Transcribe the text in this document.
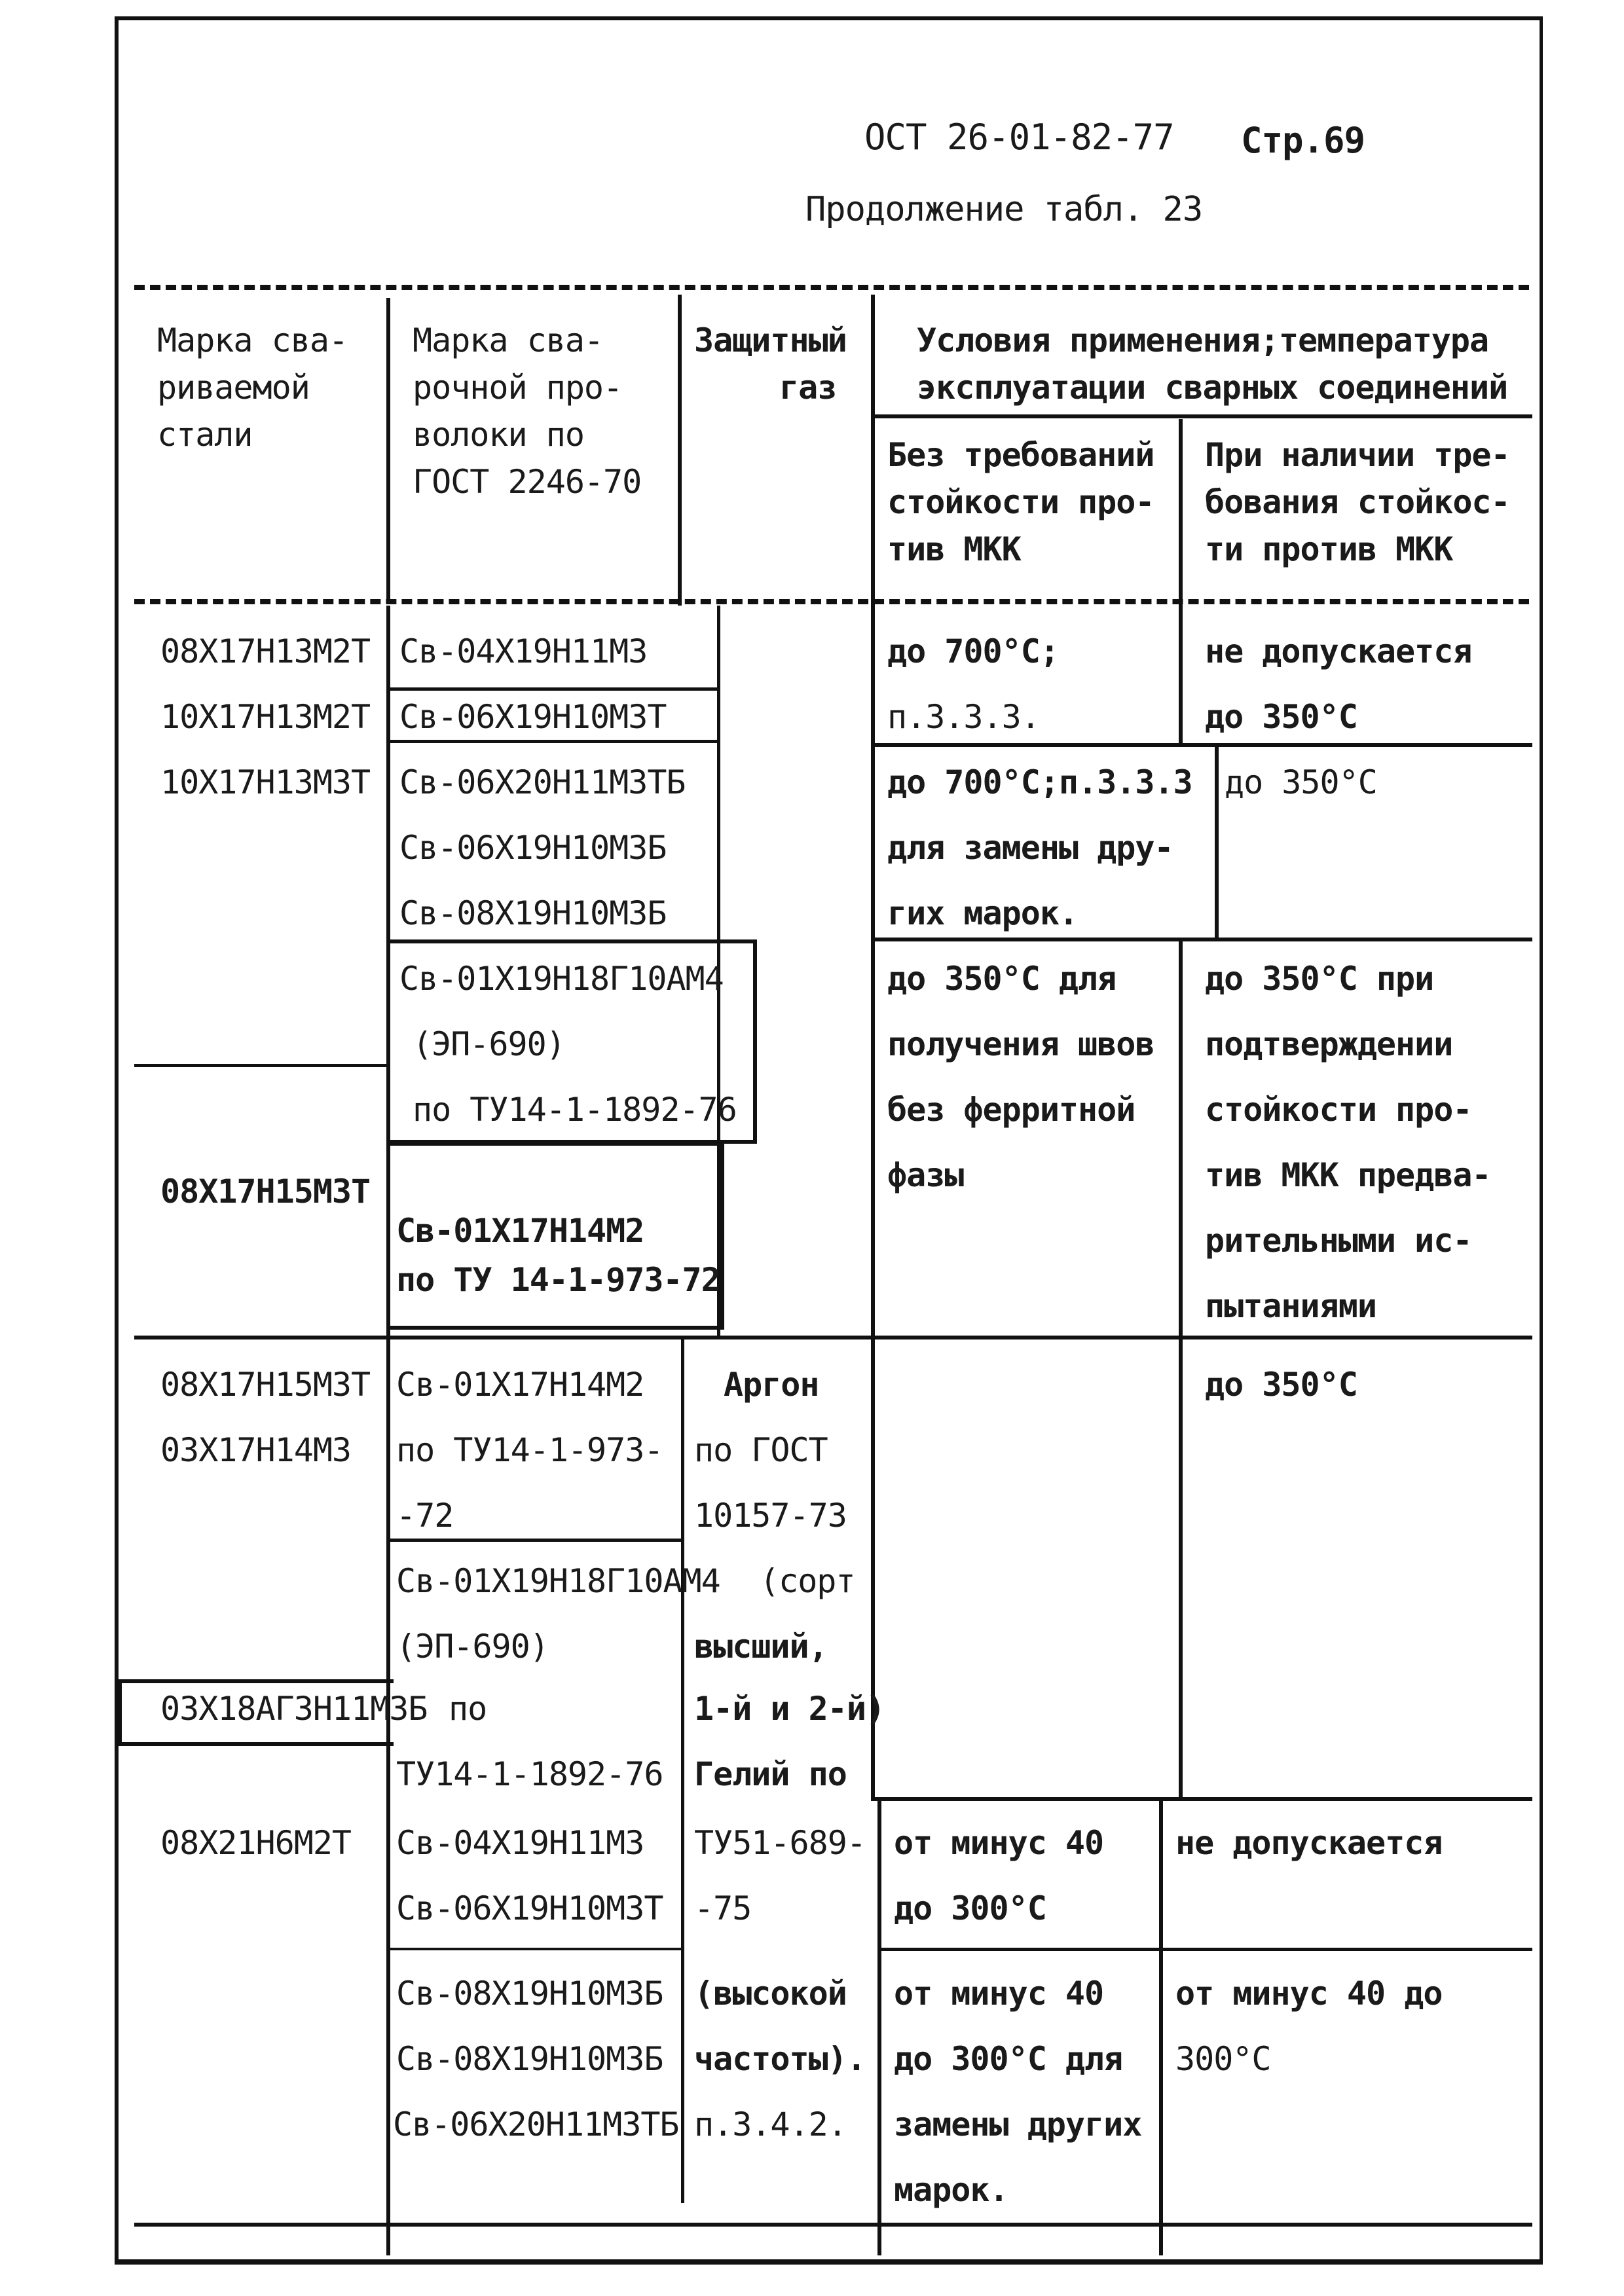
ОСТ 26-01-82-77 Стр.69
Продолжение табл. 23
Марка сва-
риваемой
стали
Марка сва-
рочной про-
волоки по
ГОСТ 2246-70
Защитный
газ
Условия применения;температура
эксплуатации сварных соединений
Без требований
стойкости про-
тив МКК
При наличии тре-
бования стойкос-
ти против МКК
08Х17Н13М2Т
10Х17Н13М2Т
10Х17Н13М3Т
08Х17Н15М3Т
Св-04Х19Н11М3
Св-06Х19Н10М3Т
Св-06Х20Н11М3ТБ
Св-06Х19Н10М3Б
Св-08Х19Н10М3Б
Св-01Х19Н18Г10АМ4
(ЭП-690)
по ТУ14-1-1892-76
Св-01Х17Н14М2
по ТУ 14-1-973-72
до 700°С;
п.3.3.3.
не допускается
до 350°С
до 700°С;п.3.3.3
для замены дру-
гих марок.
до 350°С
до 350°С для
получения швов
без ферритной
фазы
до 350°С при
подтверждении
стойкости про-
тив МКК предва-
рительными ис-
пытаниями
08Х17Н15М3Т
03Х17Н14М3
03Х18АГ3Н11М3Б
Св-01Х17Н14М2
по ТУ14-1-973-
-72
Св-01Х19Н18Г10АМ4
(ЭП-690)
по
ТУ14-1-1892-76
Аргон
по ГОСТ
10157-73
(сорт
высший,
1-й и 2-й)
Гелий по
ТУ51-689-
-75
(высокой
частоты).
п.3.4.2.
до 350°С
08Х21Н6М2Т Св-04Х19Н11М3
Св-06Х19Н10М3Т
Св-08Х19Н10М3Б
Св-08Х19Н10М3Б
Св-06Х20Н11М3ТБ
от минус 40
до 300°С
не допускается
от минус 40
до 300°С для
замены других
марок.
от минус 40 до
300°С
